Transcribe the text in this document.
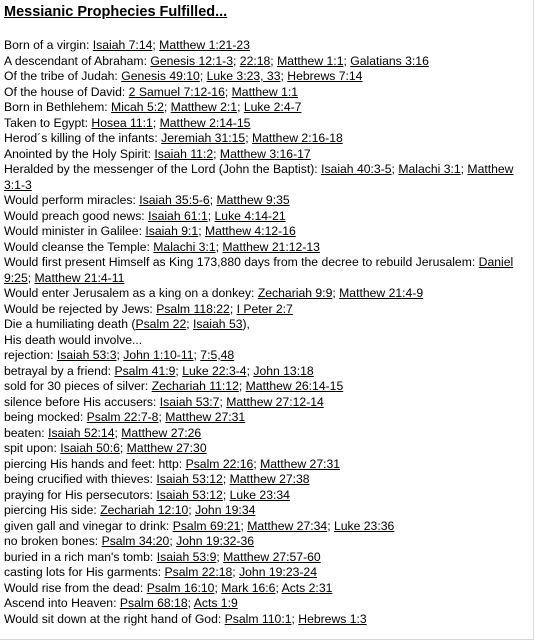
Messianic Prophecies Fulfilled...
Born of a virgin: Isaiah 7:14; Matthew 1:21-23
A descendant of Abraham: Genesis 12:1-3; 22:18; Matthew 1:1; Galatians 3:16
Of the tribe of Judah: Genesis 49:10; Luke 3:23, 33; Hebrews 7:14
Of the house of David: 2 Samuel 7:12-16; Matthew 1:1
Born in Bethlehem: Micah 5:2; Matthew 2:1; Luke 2:4-7
Taken to Egypt: Hosea 11:1; Matthew 2:14-15
Herod´s killing of the infants: Jeremiah 31:15; Matthew 2:16-18
Anointed by the Holy Spirit: Isaiah 11:2; Matthew 3:16-17
Heralded by the messenger of the Lord (John the Baptist): Isaiah 40:3-5; Malachi 3:1; Matthew 3:1-3
Would perform miracles: Isaiah 35:5-6; Matthew 9:35
Would preach good news: Isaiah 61:1; Luke 4:14-21
Would minister in Galilee: Isaiah 9:1; Matthew 4:12-16
Would cleanse the Temple: Malachi 3:1; Matthew 21:12-13
Would first present Himself as King 173,880 days from the decree to rebuild Jerusalem: Daniel 9:25; Matthew 21:4-11
Would enter Jerusalem as a king on a donkey: Zechariah 9:9; Matthew 21:4-9
Would be rejected by Jews: Psalm 118:22; I Peter 2:7
Die a humiliating death (Psalm 22; Isaiah 53),
His death would involve...
rejection: Isaiah 53:3; John 1:10-11; 7:5,48
betrayal by a friend: Psalm 41:9; Luke 22:3-4; John 13:18
sold for 30 pieces of silver: Zechariah 11:12; Matthew 26:14-15
silence before His accusers: Isaiah 53:7; Matthew 27:12-14
being mocked: Psalm 22:7-8; Matthew 27:31
beaten: Isaiah 52:14; Matthew 27:26
spit upon: Isaiah 50:6; Matthew 27:30
piercing His hands and feet: http: Psalm 22:16; Matthew 27:31
being crucified with thieves: Isaiah 53:12; Matthew 27:38
praying for His persecutors: Isaiah 53:12; Luke 23:34
piercing His side: Zechariah 12:10; John 19:34
given gall and vinegar to drink: Psalm 69:21; Matthew 27:34; Luke 23:36
no broken bones: Psalm 34:20; John 19:32-36
buried in a rich man's tomb: Isaiah 53:9; Matthew 27:57-60
casting lots for His garments: Psalm 22:18; John 19:23-24
Would rise from the dead: Psalm 16:10; Mark 16:6; Acts 2:31
Ascend into Heaven: Psalm 68:18; Acts 1:9
Would sit down at the right hand of God: Psalm 110:1; Hebrews 1:3
